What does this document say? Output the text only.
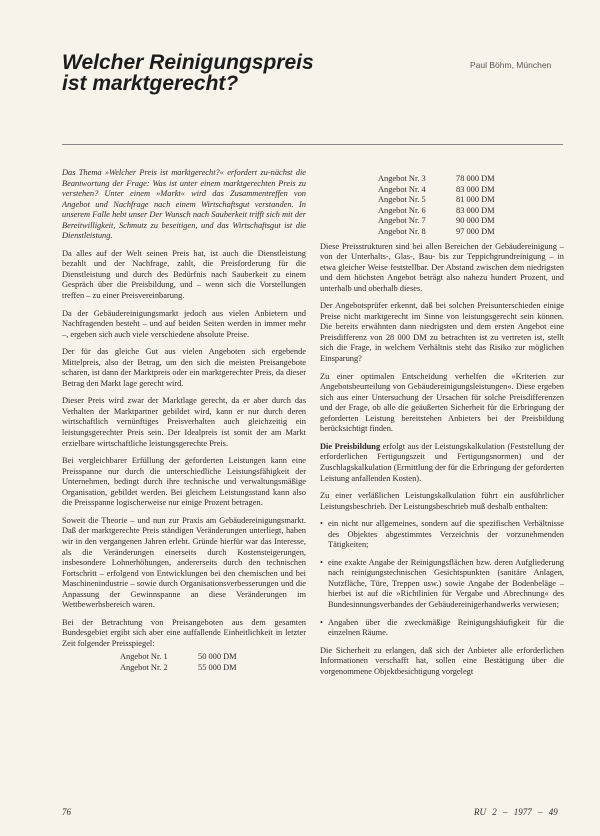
Welcher Reinigungspreis
ist marktgerecht?
Paul Böhm, München

Das Thema »Welcher Preis ist marktgerecht?« erfordert zu-nächst die Beantwortung der Frage: Was ist unter einem marktgerechten Preis zu verstehen? Unter einem »Markt« wird das Zusammentreffen von Angebot und Nachfrage nach einem Wirtschaftsgut verstanden. In unserem Falle hebt unser Der Wunsch nach Sauberkeit trifft sich mit der Bereitwilligkeit, Schmutz zu beseitigen, und das Wirtschaftsgut ist die Dienstleistung.

Da alles auf der Welt seinen Preis hat, ist auch die Dienstleistung bezahlt und der Nachfrage, zahlt, die Preisforderung für die Dienstleistung und durch des Bedürfnis nach Sauberkeit zu einem Gespräch über die Preisbildung, und – wenn sich die Vorstellungen treffen – zu einer Preisvereinbarung.

Da der Gebäudereinigungsmarkt jedoch aus vielen Anbietern und Nachfragenden besteht – und auf beiden Seiten werden in immer mehr –, ergeben sich auch viele verschiedene absolute Preise.

Der für das gleiche Gut aus vielen Angeboten sich ergebende Mittelpreis, also der Betrag, um den sich die meisten Preisangebote scharen, ist dann der Marktpreis oder ein marktgerechter Preis, da dieser Betrag den Markt lage gerecht wird.

Dieser Preis wird zwar der Marktlage gerecht, da er aber durch das Verhalten der Marktpartner gebildet wird, kann er nur durch deren wirtschaftlich vernünftiges Preisverhalten auch gleichzeitig ein leistungsgerechter Preis sein. Der Idealpreis ist somit der am Markt erzielbare wirtschaftliche leistungsgerechte Preis.

Bei vergleichbarer Erfüllung der geforderten Leistungen kann eine Preisspanne nur durch die unterschiedliche Leistungsfähigkeit der Unternehmen, bedingt durch ihre technische und verwaltungsmäßige Organisation, gebildet werden. Bei gleichem Leistungsstand kann also die Preisspanne logischerweise nur einige Prozent betragen.

Soweit die Theorie – und nun zur Praxis am Gebäudereinigungsmarkt. Daß der marktgerechte Preis ständigen Veränderungen unterliegt, haben wir in den vergangenen Jahren erlebt. Gründe hierfür war das Interesse, als die Veränderungen einerseits durch Kostensteigerungen, insbesondere Lohnerhöhungen, andererseits durch den technischen Fortschritt – erfolgend von Entwicklungen bei den chemischen und bei Maschinenindustrie – sowie durch Organisationsverbesserungen und die Anpassung der Gewinnspanne an diese Veränderungen im Wettbewerbsbereich waren.

Bei der Betrachtung von Preisangeboten aus dem gesamten Bundesgebiet ergibt sich aber eine auffallende Einheitlichkeit in letzter Zeit folgender Preisspiegel:

Angebot Nr. 1	50 000 DM
Angebot Nr. 2	55 000 DM
Angebot Nr. 3	78 000 DM
Angebot Nr. 4	83 000 DM
Angebot Nr. 5	81 000 DM
Angebot Nr. 6	83 000 DM
Angebot Nr. 7	90 000 DM
Angebot Nr. 8	97 000 DM

Diese Preisstrukturen sind bei allen Bereichen der Gebäudereinigung – von der Unterhalts-, Glas-, Bau- bis zur Teppichgrundreinigung – in etwa gleicher Weise feststellbar. Der Abstand zwischen dem niedrigsten und dem höchsten Angebot beträgt also nahezu hundert Prozent, und unterhalb und oberhalb dieses.

Der Angebotsprüfer erkennt, daß bei solchen Preisunterschieden einige Preise nicht marktgerecht im Sinne von leistungsgerecht sein können. Die bereits erwähnten dann niedrigsten und dem ersten Angebot eine Preisdifferenz von 28 000 DM zu betrachten ist zu vertreten ist, stellt sich die Frage, in welchem Verhältnis steht das Risiko zur möglichen Einsparung?

Zu einer optimalen Entscheidung verhelfen die »Kriterien zur Angebotsbeurteilung von Gebäudereinigungsleistungen«. Diese ergeben sich aus einer Untersuchung der Ursachen für solche Preisdifferenzen und der Frage, ob alle die geäußerten Sicherheit für die Erbringung der geforderten Leistung bereitstehen Anbieters bei der Preisbildung berücksichtigt finden.

Die Preisbildung erfolgt aus der Leistungskalkulation (Feststellung der erforderlichen Fertigungszeit und Fertigungsnormen) und der Zuschlagskalkulation (Ermittlung der für die Erbringung der geforderten Leistung anfallenden Kosten).

Zu einer verläßlichen Leistungskalkulation führt ein ausführlicher Leistungsbeschrieb. Der Leistungsbeschrieb muß deshalb enthalten:

• ein nicht nur allgemeines, sondern auf die spezifischen Verhältnisse des Objektes abgestimmtes Verzeichnis der vorzunehmenden Tätigkeiten;
• eine exakte Angabe der Reinigungsflächen bzw. deren Aufgliederung nach reinigungstechnischen Gesichtspunkten (sanitäre Anlagen, Nutzfläche, Türe, Treppen usw.) sowie Angabe der Bodenbeläge – hierbei ist auf die »Richtlinien für Vergabe und Abrechnung« des Bundesinnungsverbandes der Gebäudereinigerhandwerks verwiesen;
• Angaben über die zweckmäßige Reinigungshäufigkeit für die einzelnen Räume.

Die Sicherheit zu erlangen, daß sich der Anbieter alle erforderlichen Informationen verschafft hat, sollen eine Bestätigung über die vorgenommene Objektbesichtigung vorgelegt

76	RU 2 – 1977 – 49
